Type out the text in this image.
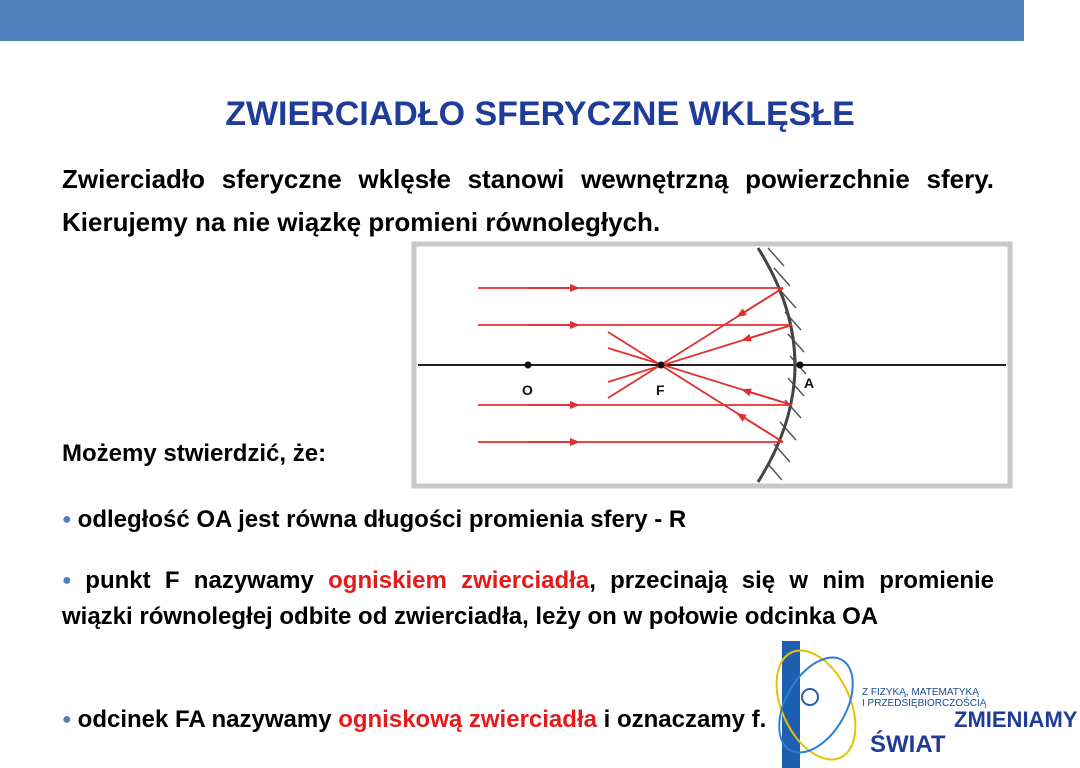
ZWIERCIADŁO SFERYCZNE WKLĘSŁE
Zwierciadło sferyczne wklęsłe stanowi wewnętrzną powierzchnie sfery. Kierujemy na nie wiązkę promieni równoległych.
O	F	A
Możemy stwierdzić, że:
● odległość OA jest równa długości promienia sfery - R
● punkt F nazywamy ogniskiem zwierciadła, przecinają się w nim promienie wiązki równoległej odbite od zwierciadła, leży on w połowie odcinka OA
● odcinek FA nazywamy ogniskową zwierciadła i oznaczamy f.
Z FIZYKĄ, MATEMATYKĄ
I PRZEDSIĘBIORCZOŚCIĄ
ZMIENIAMY
ŚWIAT
